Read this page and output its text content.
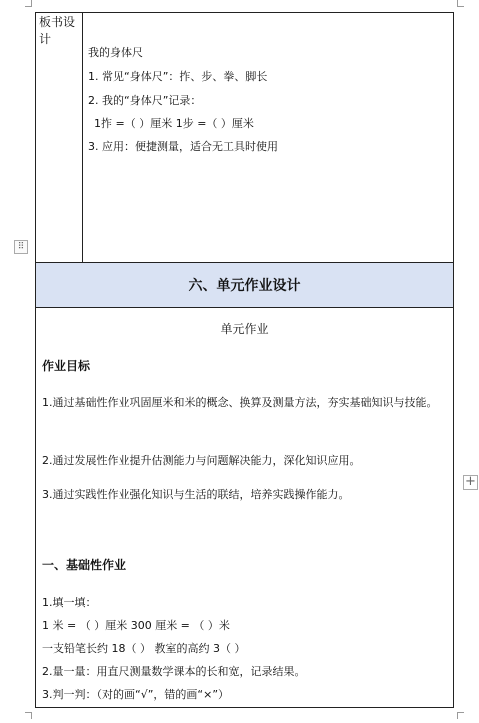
板书设计
我的身体尺
1. 常见“身体尺”：拃、步、拳、脚长
2. 我的“身体尺”记录：
1拃 =（ ）厘米 1步 =（ ）厘米
3. 应用：便捷测量，适合无工具时使用
⠿
+
六、单元作业设计
单元作业
作业目标
1.通过基础性作业巩固厘米和米的概念、换算及测量方法，夯实基础知识与技能。
2.通过发展性作业提升估测能力与问题解决能力，深化知识应用。
3.通过实践性作业强化知识与生活的联结，培养实践操作能力。
一、基础性作业
1.填一填：
1 米 = （ ）厘米 300 厘米 = （ ）米
一支铅笔长约 18（ ） 教室的高约 3（ ）
2.量一量：用直尺测量数学课本的长和宽，记录结果。
3.判一判：（对的画“√”，错的画“×”）
